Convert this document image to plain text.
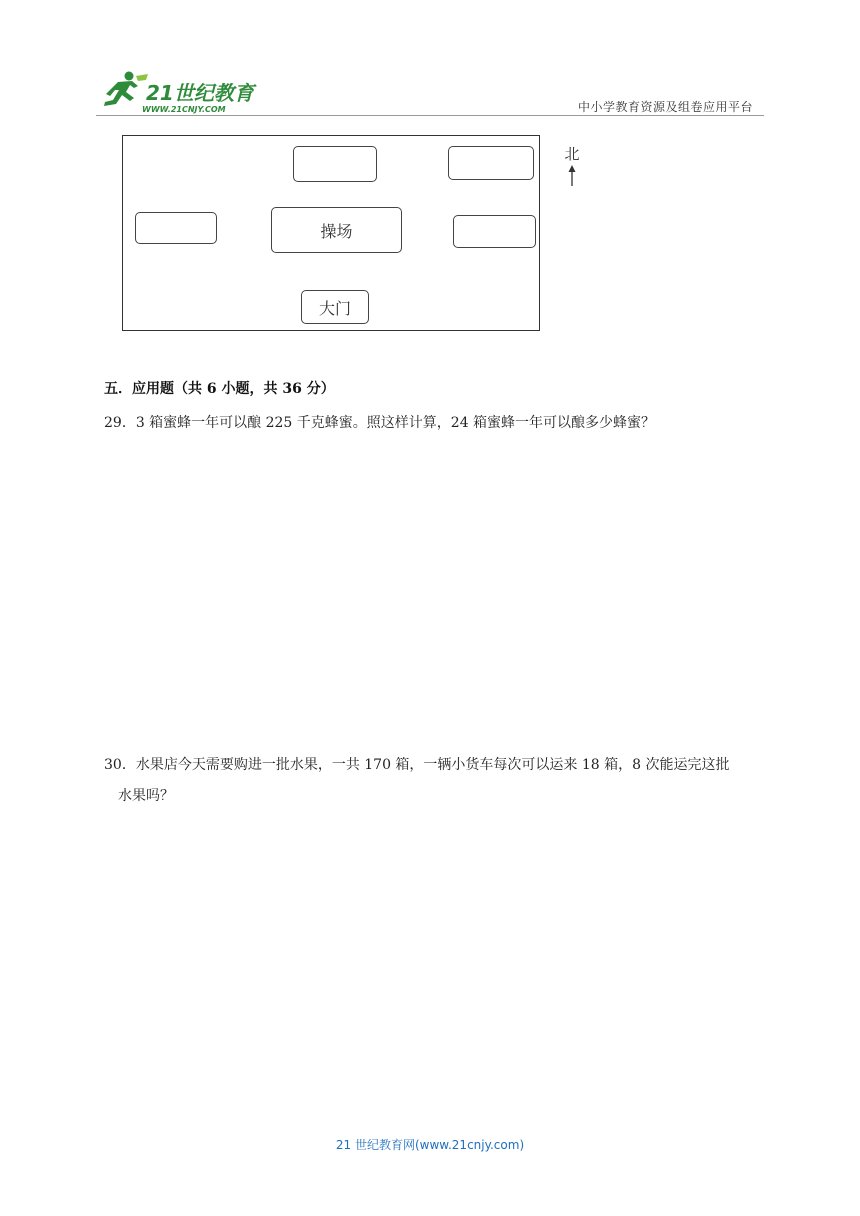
21世纪教育
WWW.21CNJY.COM	中小学教育资源及组卷应用平台
操场
大门
北
五．应用题（共 6 小题，共 36 分）
29．3 箱蜜蜂一年可以酿 225 千克蜂蜜。照这样计算，24 箱蜜蜂一年可以酿多少蜂蜜？
30．水果店今天需要购进一批水果，一共 170 箱，一辆小货车每次可以运来 18 箱，8 次能运完这批
水果吗？
21 世纪教育网(www.21cnjy.com)
